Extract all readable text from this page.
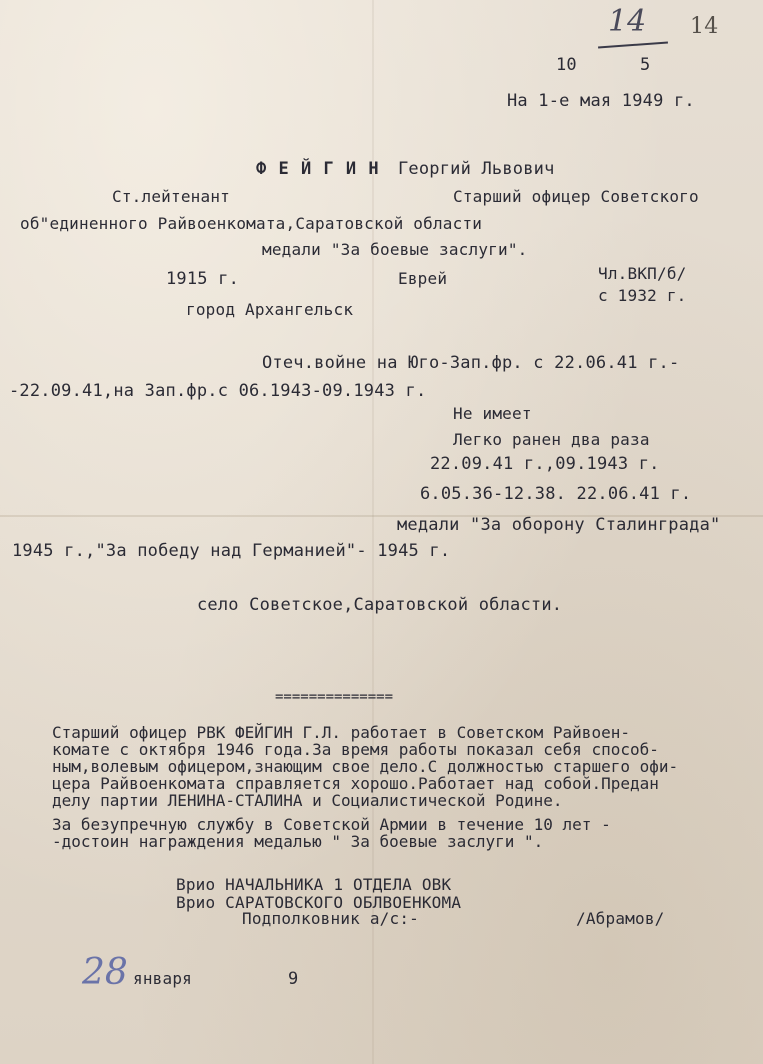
14 14
10	5
На 1-е мая 1949 г.
Ф Е Й Г И Н Георгий Львович
Ст.лейтенант	Старший офицер Советского
об"единенного Райвоенкомата,Саратовской области
медали "За боевые заслуги".
1915 г.	Еврей	Чл.ВКП/б/
с 1932 г.
город Архангельск
Отеч.войне на Юго-Зап.фр. с 22.06.41 г.-
-22.09.41,на Зап.фр.с 06.1943-09.1943 г.
Не имеет
Легко ранен два раза
22.09.41 г.,09.1943 г.
6.05.36-12.38. 22.06.41 г.
медали "За оборону Сталинграда"
1945 г.,"За победу над Германией"- 1945 г.
село Советское,Саратовской области.
==============
Старший офицер РВК ФЕЙГИН Г.Л. работает в Советском Райвоен-
комате с октября 1946 года.За время работы показал себя способ-
ным,волевым офицером,знающим свое дело.С должностью старшего офи-
цера Райвоенкомата справляется хорошо.Работает над собой.Предан
делу партии ЛЕНИНА-СТАЛИНА и Социалистической Родине.
За безупречную службу в Советской Армии в течение 10 лет -
-достоин награждения медалью " За боевые заслуги ".
Врио НАЧАЛЬНИКА 1 ОТДЕЛА ОВК
Врио САРАТОВСКОГО ОБЛВОЕНКОМА
Подполковник а/с:-	/Абрамов/
28 января	9
